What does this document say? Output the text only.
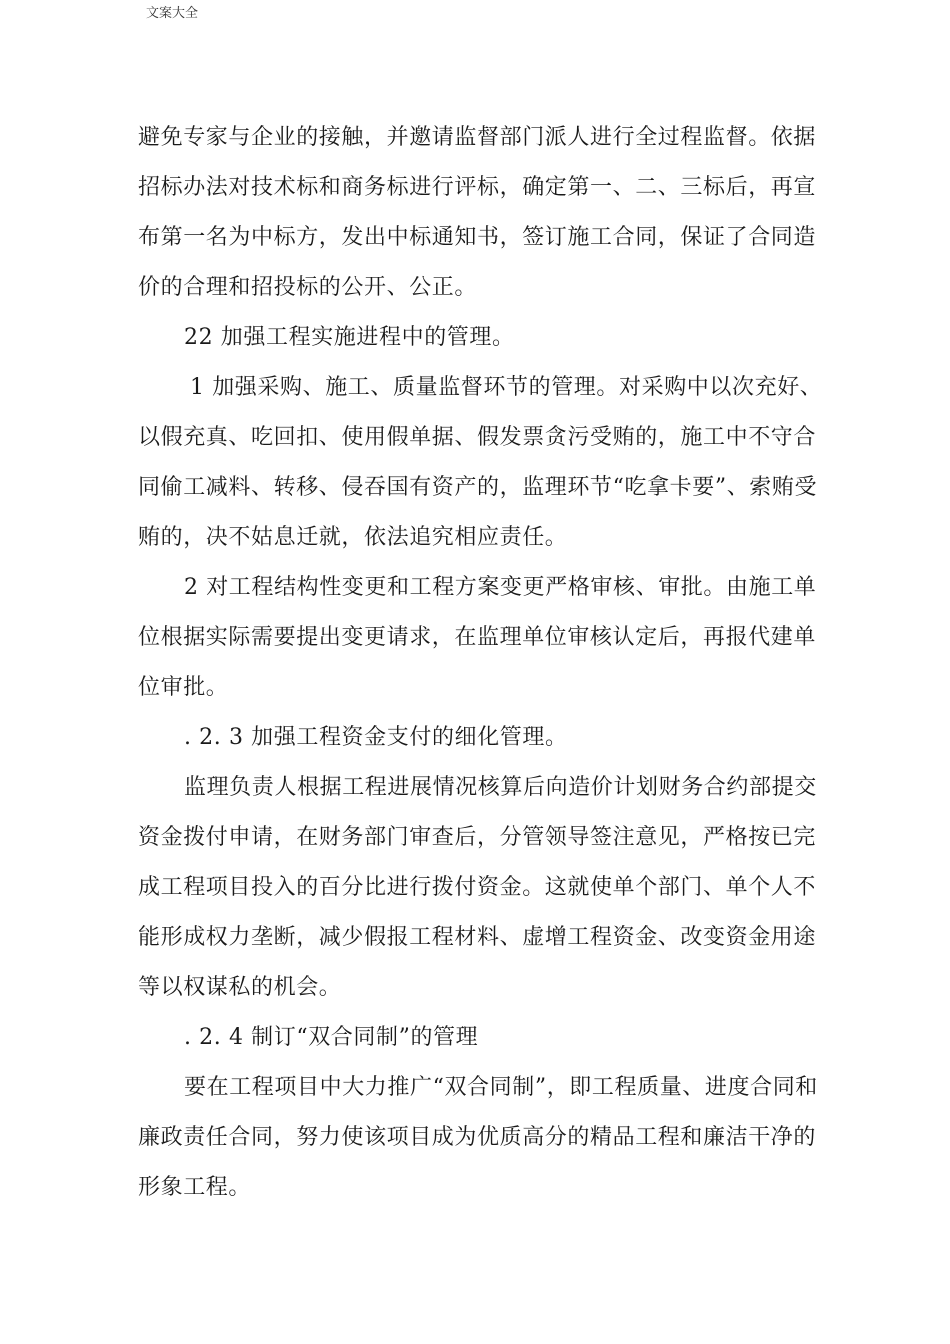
文案大全
避免专家与企业的接触，并邀请监督部门派人进行全过程监督。依据
招标办法对技术标和商务标进行评标，确定第一、二、三标后，再宣
布第一名为中标方，发出中标通知书，签订施工合同，保证了合同造
价的合理和招投标的公开、公正。
22 加强工程实施进程中的管理。
1 加强采购、施工、质量监督环节的管理。对采购中以次充好、
以假充真、吃回扣、使用假单据、假发票贪污受贿的，施工中不守合
同偷工减料、转移、侵吞国有资产的，监理环节“吃拿卡要”、索贿受
贿的，决不姑息迁就，依法追究相应责任。
2 对工程结构性变更和工程方案变更严格审核、审批。由施工单
位根据实际需要提出变更请求，在监理单位审核认定后，再报代建单
位审批。
. 2. 3 加强工程资金支付的细化管理。
监理负责人根据工程进展情况核算后向造价计划财务合约部提交
资金拨付申请，在财务部门审查后，分管领导签注意见，严格按已完
成工程项目投入的百分比进行拨付资金。这就使单个部门、单个人不
能形成权力垄断，减少假报工程材料、虚增工程资金、改变资金用途
等以权谋私的机会。
. 2. 4 制订“双合同制”的管理
要在工程项目中大力推广“双合同制”，即工程质量、进度合同和
廉政责任合同，努力使该项目成为优质高分的精品工程和廉洁干净的
形象工程。
